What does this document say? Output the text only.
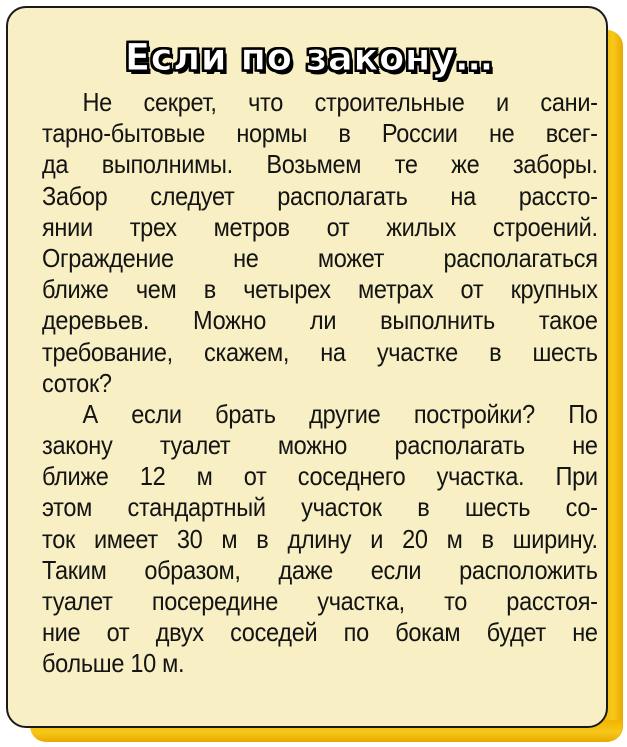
Если по закону…
Не секрет, что строительные и сани-
тарно-бытовые нормы в России не всег-
да выполнимы. Возьмем те же заборы.
Забор следует располагать на рассто-
янии трех метров от жилых строений.
Ограждение не может располагаться
ближе чем в четырех метрах от крупных
деревьев. Можно ли выполнить такое
требование, скажем, на участке в шесть
соток?
А если брать другие постройки? По
закону туалет можно располагать не
ближе 12 м от соседнего участка. При
этом стандартный участок в шесть со-
ток имеет 30 м в длину и 20 м в ширину.
Таким образом, даже если расположить
туалет посередине участка, то расстоя-
ние от двух соседей по бокам будет не
больше 10 м.
